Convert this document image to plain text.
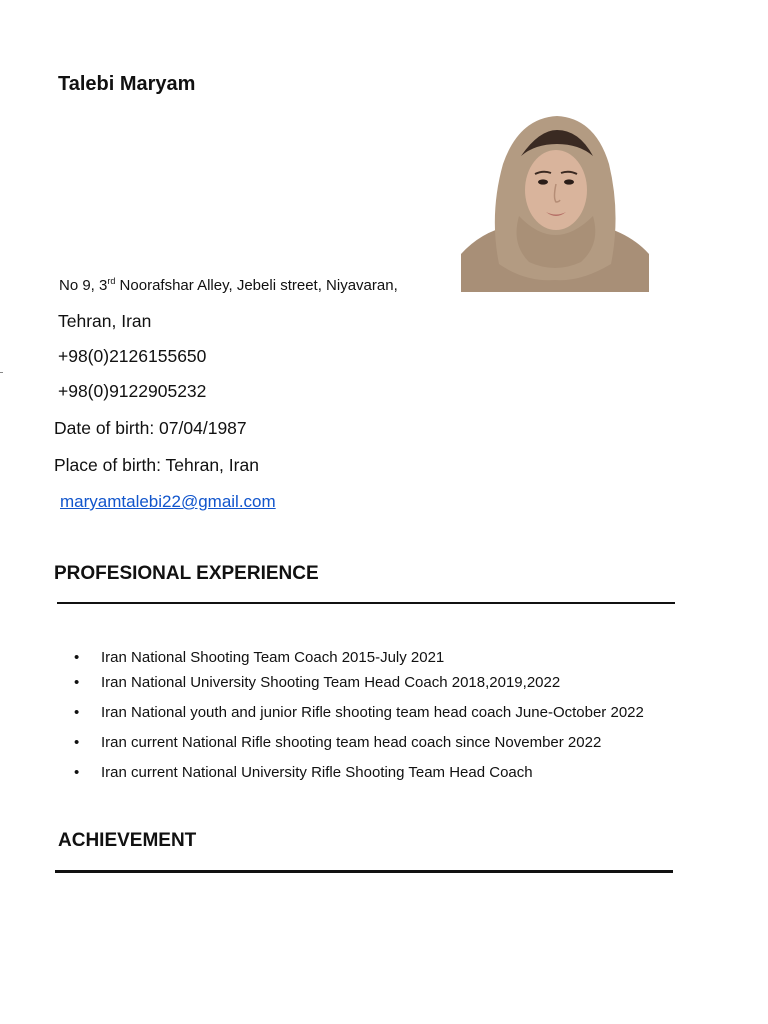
Talebi Maryam
No 9, 3rd Noorafshar Alley, Jebeli street, Niyavaran,
Tehran, Iran
+98(0)2126155650
+98(0)9122905232
Date of birth: 07/04/1987
Place of birth: Tehran, Iran
maryamtalebi22@gmail.com
PROFESIONAL EXPERIENCE
• Iran National Shooting Team Coach 2015-July 2021
• Iran National University Shooting Team Head Coach 2018,2019,2022
• Iran National youth and junior Rifle shooting team head coach June-October 2022
• Iran current National Rifle shooting team head coach since November 2022
• Iran current National University Rifle Shooting Team Head Coach
ACHIEVEMENT
